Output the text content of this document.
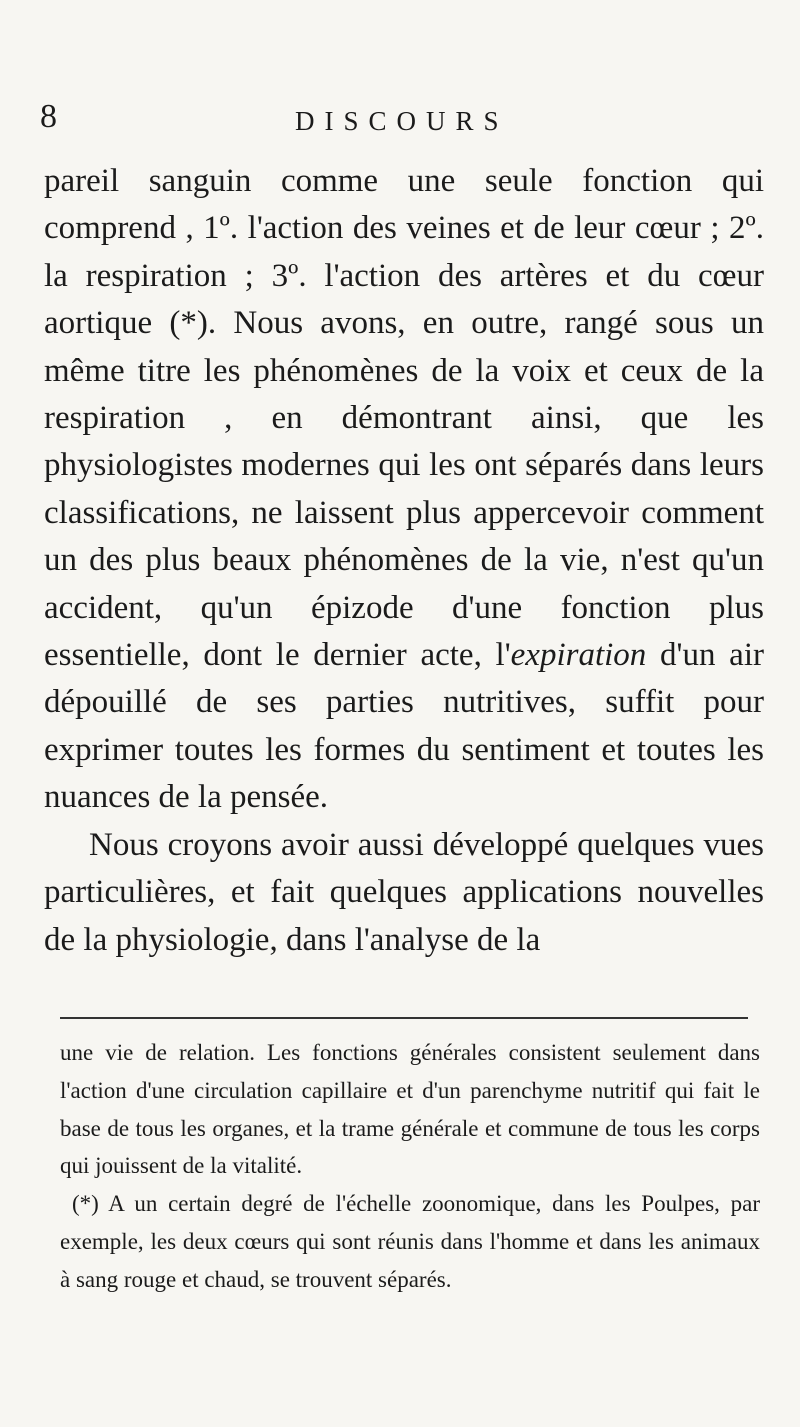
8	DISCOURS

pareil sanguin comme une seule fonction qui comprend , 1º. l'action des veines et de leur cœur ; 2º. la respiration ; 3º. l'action des artères et du cœur aortique (*). Nous avons, en outre, rangé sous un même titre les phénomènes de la voix et ceux de la respiration , en démontrant ainsi, que les physiologistes modernes qui les ont séparés dans leurs classifications, ne laissent plus appercevoir comment un des plus beaux phénomènes de la vie, n'est qu'un accident, qu'un épizode d'une fonction plus essentielle, dont le dernier acte, l'expiration d'un air dépouillé de ses parties nutritives, suffit pour exprimer toutes les formes du sentiment et toutes les nuances de la pensée.

Nous croyons avoir aussi développé quelques vues particulières, et fait quelques applications nouvelles de la physiologie, dans l'analyse de la

une vie de relation. Les fonctions générales consistent seulement dans l'action d'une circulation capillaire et d'un parenchyme nutritif qui fait le base de tous les organes, et la trame générale et commune de tous les corps qui jouissent de la vitalité.

(*) A un certain degré de l'échelle zoonomique, dans les Poulpes, par exemple, les deux cœurs qui sont réunis dans l'homme et dans les animaux à sang rouge et chaud, se trouvent séparés.
